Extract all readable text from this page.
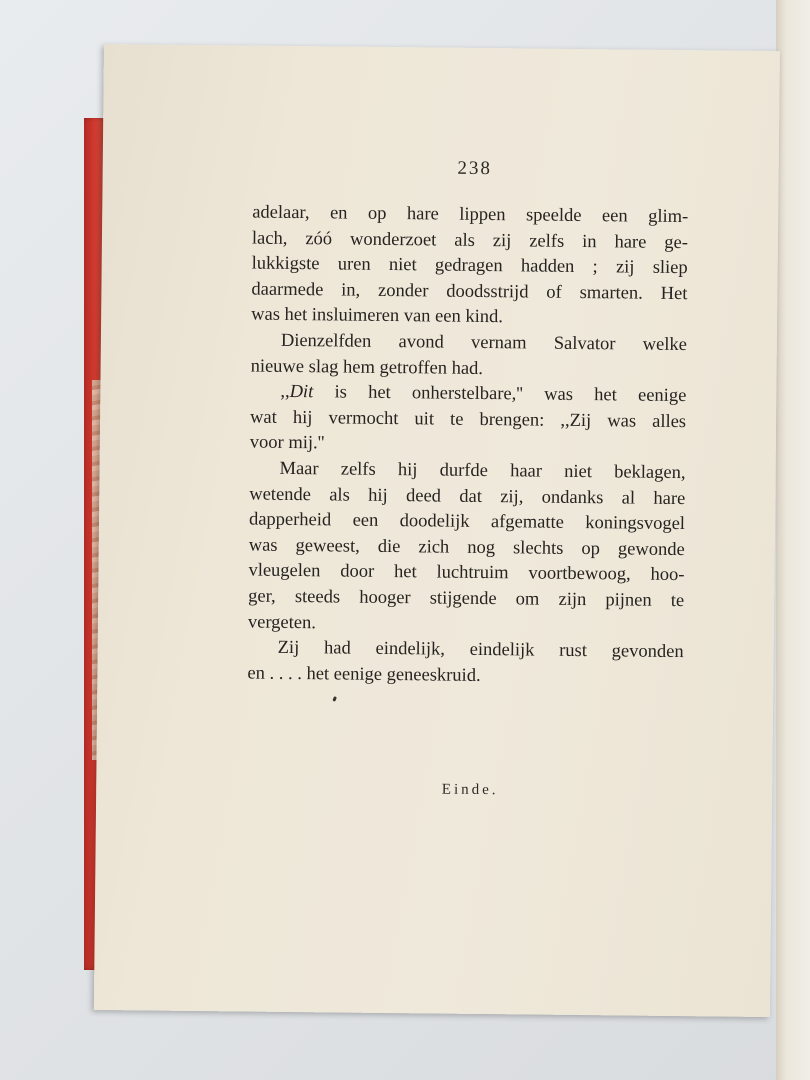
238
adelaar, en op hare lippen speelde een glim-
lach, zóó wonderzoet als zij zelfs in hare ge-
lukkigste uren niet gedragen hadden ; zij sliep
daarmede in, zonder doodsstrijd of smarten. Het
was het insluimeren van een kind.
Dienzelfden avond vernam Salvator welke
nieuwe slag hem getroffen had.
,,Dit is het onherstelbare,'' was het eenige
wat hij vermocht uit te brengen: ,,Zij was alles
voor mij.''
Maar zelfs hij durfde haar niet beklagen,
wetende als hij deed dat zij, ondanks al hare
dapperheid een doodelijk afgematte koningsvogel
was geweest, die zich nog slechts op gewonde
vleugelen door het luchtruim voortbewoog, hoo-
ger, steeds hooger stijgende om zijn pijnen te
vergeten.
Zij had eindelijk, eindelijk rust gevonden
en . . . . het eenige geneeskruid.
Einde.
